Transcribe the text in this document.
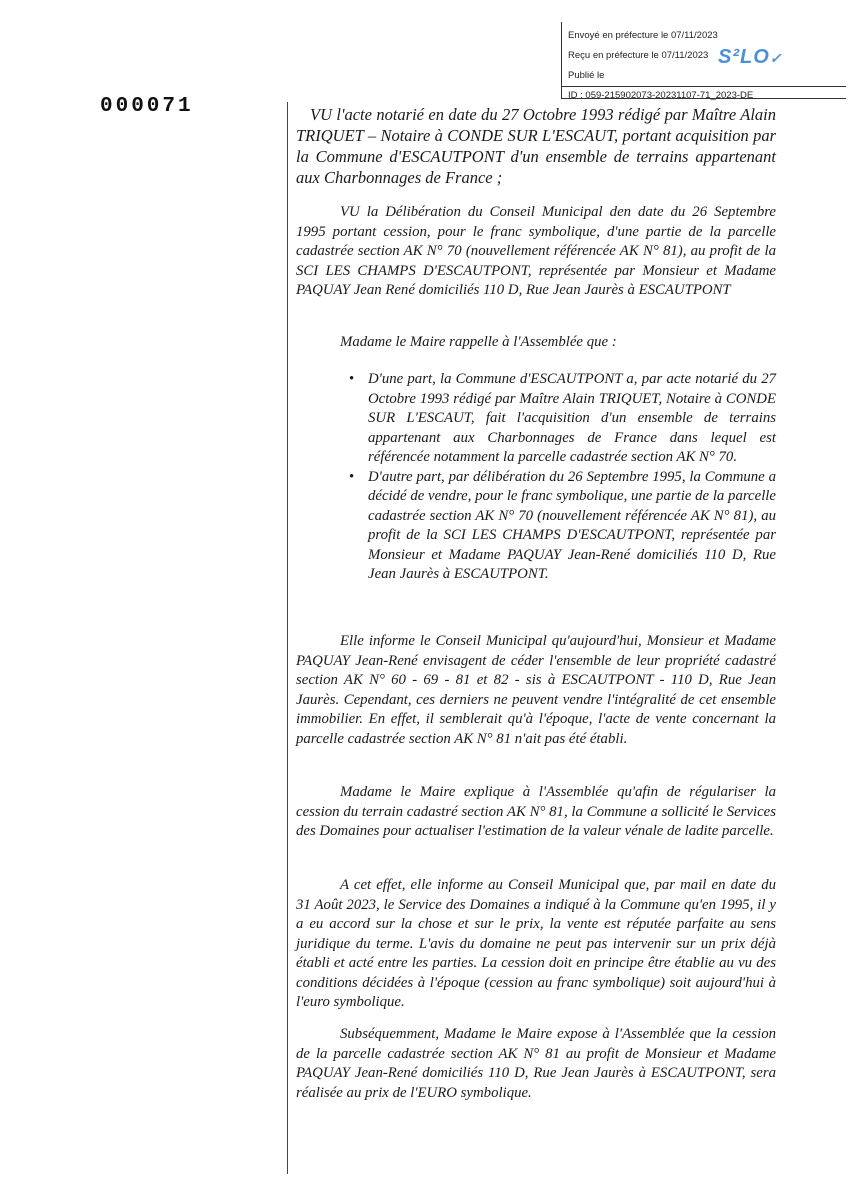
Envoyé en préfecture le 07/11/2023
Reçu en préfecture le 07/11/2023
Publié le
ID : 059-215902073-20231107-71_2023-DE
S²LO✓
000071	VU l'acte notarié en date du 27 Octobre 1993 rédigé par Maître Alain TRIQUET – Notaire à CONDE SUR L'ESCAUT, portant acquisition par la Commune d'ESCAUTPONT d'un ensemble de terrains appartenant aux Charbonnages de France ;
VU la Délibération du Conseil Municipal den date du 26 Septembre 1995 portant cession, pour le franc symbolique, d'une partie de la parcelle cadastrée section AK N° 70 (nouvellement référencée AK N° 81), au profit de la SCI LES CHAMPS D'ESCAUTPONT, représentée par Monsieur et Madame PAQUAY Jean René domiciliés 110 D, Rue Jean Jaurès à ESCAUTPONT
Madame le Maire rappelle à l'Assemblée que :
• D'une part, la Commune d'ESCAUTPONT a, par acte notarié du 27 Octobre 1993 rédigé par Maître Alain TRIQUET, Notaire à CONDE SUR L'ESCAUT, fait l'acquisition d'un ensemble de terrains appartenant aux Charbonnages de France dans lequel est référencée notamment la parcelle cadastrée section AK N° 70.
• D'autre part, par délibération du 26 Septembre 1995, la Commune a décidé de vendre, pour le franc symbolique, une partie de la parcelle cadastrée section AK N° 70 (nouvellement référencée AK N° 81), au profit de la SCI LES CHAMPS D'ESCAUTPONT, représentée par Monsieur et Madame PAQUAY Jean-René domiciliés 110 D, Rue Jean Jaurès à ESCAUTPONT.
Elle informe le Conseil Municipal qu'aujourd'hui, Monsieur et Madame PAQUAY Jean-René envisagent de céder l'ensemble de leur propriété cadastré section AK N° 60 - 69 - 81 et 82 - sis à ESCAUTPONT - 110 D, Rue Jean Jaurès. Cependant, ces derniers ne peuvent vendre l'intégralité de cet ensemble immobilier. En effet, il semblerait qu'à l'époque, l'acte de vente concernant la parcelle cadastrée section AK N° 81 n'ait pas été établi.
Madame le Maire explique à l'Assemblée qu'afin de régulariser la cession du terrain cadastré section AK N° 81, la Commune a sollicité le Services des Domaines pour actualiser l'estimation de la valeur vénale de ladite parcelle.
A cet effet, elle informe au Conseil Municipal que, par mail en date du 31 Août 2023, le Service des Domaines a indiqué à la Commune qu'en 1995, il y a eu accord sur la chose et sur le prix, la vente est réputée parfaite au sens juridique du terme. L'avis du domaine ne peut pas intervenir sur un prix déjà établi et acté entre les parties. La cession doit en principe être établie au vu des conditions décidées à l'époque (cession au franc symbolique) soit aujourd'hui à l'euro symbolique.
Subséquemment, Madame le Maire expose à l'Assemblée que la cession de la parcelle cadastrée section AK N° 81 au profit de Monsieur et Madame PAQUAY Jean-René domiciliés 110 D, Rue Jean Jaurès à ESCAUTPONT, sera réalisée au prix de l'EURO symbolique.
